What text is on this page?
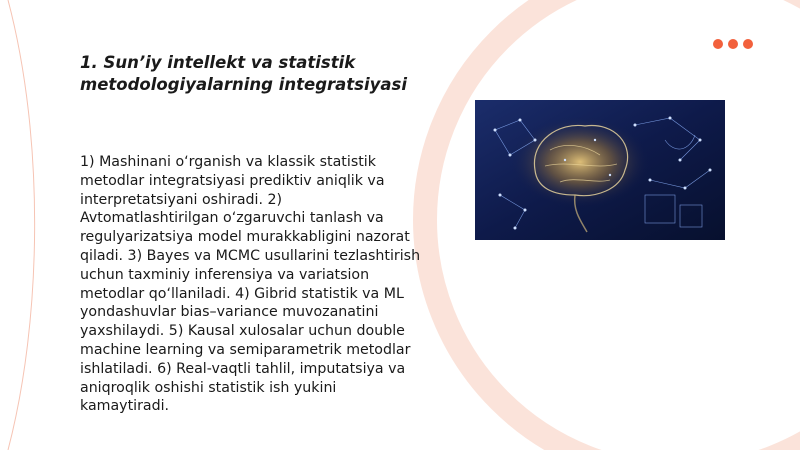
1. Sun’iy intellekt va statistik metodologiyalarning integratsiyasi

1) Mashinani o‘rganish va klassik statistik metodlar integratsiyasi prediktiv aniqlik va interpretatsiyani oshiradi. 2) Avtomatlashtirilgan o‘zgaruvchi tanlash va regulyarizatsiya model murakkabligini nazorat qiladi. 3) Bayes va MCMC usullarini tezlashtirish uchun taxminiy inferensiya va variatsion metodlar qo‘llaniladi. 4) Gibrid statistik va ML yondashuvlar bias–variance muvozanatini yaxshilaydi. 5) Kausal xulosalar uchun double machine learning va semiparametrik metodlar ishlatiladi. 6) Real-vaqtli tahlil, imputatsiya va aniqroqlik oshishi statistik ish yukini kamaytiradi.
